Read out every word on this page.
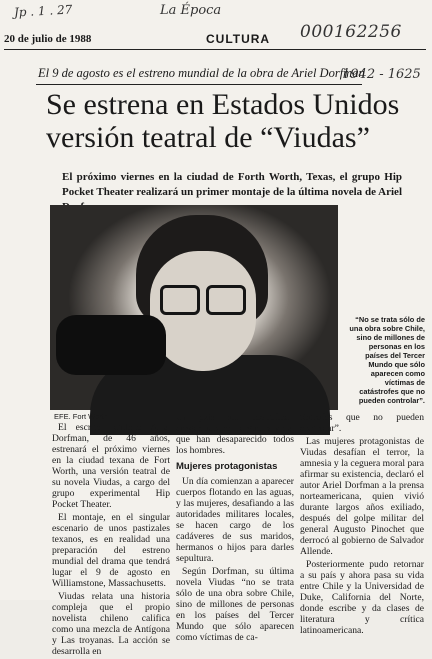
Jp . 1 . 27	La Época
000162256
1942 - 1625
20 de julio de 1988	CULTURA
El 9 de agosto es el estreno mundial de la obra de Ariel Dorfman
Se estrena en Estados Unidos versión teatral de “Viudas”

El próximo viernes en la ciudad de Forth Worth, Texas, el grupo Hip Pocket Theater realizará un primer montaje de la última novela de Ariel

“No se trata sólo de una obra sobre Chile, sino de millones de personas en los países del Tercer Mundo que sólo aparecen como víctimas de catástrofes que no pueden controlar”.
EFE. Fort Worth

El escritor chileno Ariel Dorfman, de 46 años, estrenará el próximo viernes en la ciudad texana de Fort Worth, una versión teatral de su novela Viudas, a cargo del grupo experimental Hip Pocket Theater.

El montaje, en el singular escenario de unos pastizales texanos, es en realidad una preparación del estreno mundial del drama que tendrá lugar el 9 de agosto en Williamstone, Massachusetts.

Viudas relata una historia compleja que el propio novelista chileno califica como una mezcla de Antígona y Las troyanas. La acción se desarrolla en

un país sin identificar, desgarrado por la guerra y del que han desaparecido todos los hombres.

Mujeres protagonistas

Un día comienzan a aparecer cuerpos flotando en las aguas, y las mujeres, desafiando a las autoridades militares locales, se hacen cargo de los cadáveres de sus maridos, hermanos o hijos para darles sepultura.

Según Dorfman, su última novela Viudas “no se trata sólo de una obra sobre Chile, sino de millones de personas en los países del Tercer Mundo que sólo aparecen como víctimas de ca-

tástrofes que no pueden controlar”.

Las mujeres protagonistas de Viudas desafían el terror, la amnesia y la ceguera moral para afirmar su existencia, declaró el autor Ariel Dorfman a la prensa norteamericana, quien vivió durante largos años exiliado, después del golpe militar del general Augusto Pinochet que derrocó al gobierno de Salvador Allende.

Posteriormente pudo retornar a su país y ahora pasa su vida entre Chile y la Universidad de Duke, California del Norte, donde escribe y da clases de literatura y crítica latinoamericana.
